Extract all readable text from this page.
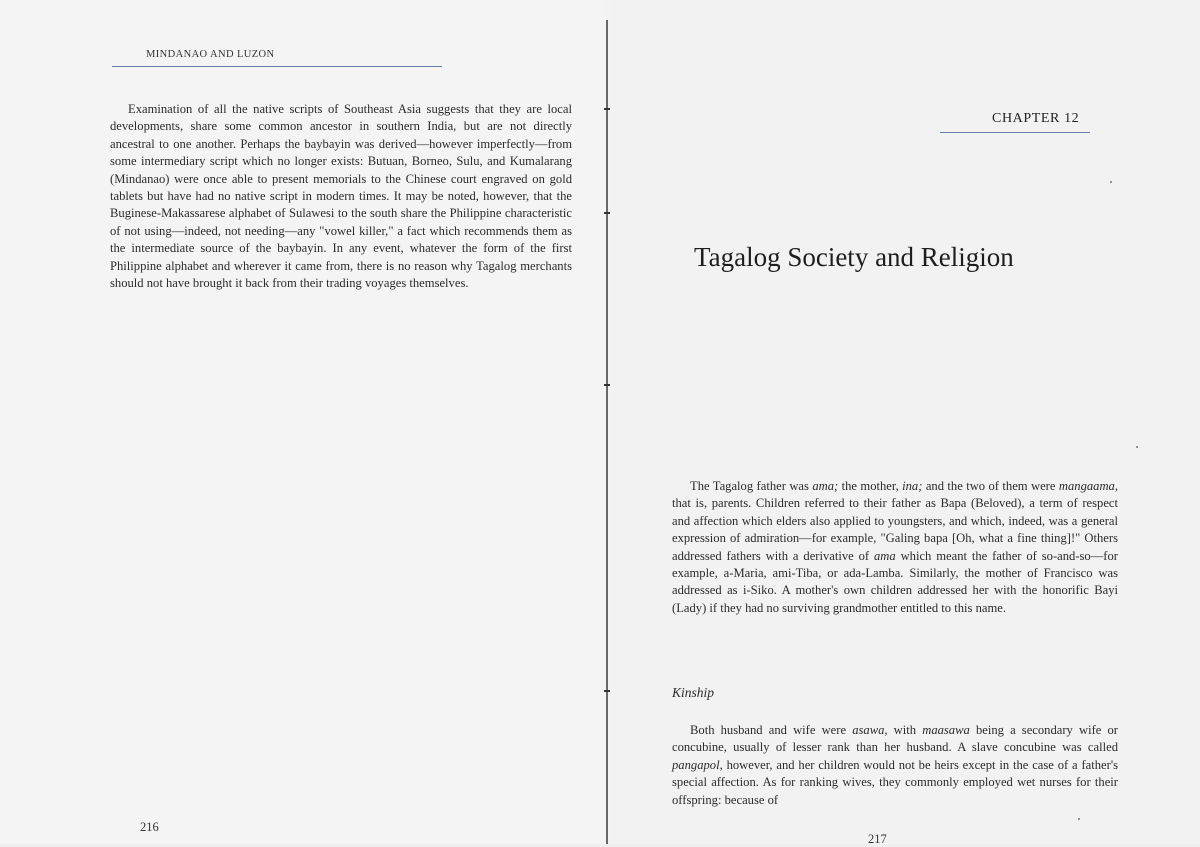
MINDANAO AND LUZON

Examination of all the native scripts of Southeast Asia suggests that they are local developments, share some common ancestor in southern India, but are not directly ancestral to one another. Perhaps the baybayin was derived—however imperfectly—from some intermediary script which no longer exists: Butuan, Borneo, Sulu, and Kumalarang (Mindanao) were once able to present memorials to the Chinese court engraved on gold tablets but have had no native script in modern times. It may be noted, however, that the Buginese-Makassarese alphabet of Sulawesi to the south share the Philippine characteristic of not using—indeed, not needing—any "vowel killer," a fact which recommends them as the intermediate source of the baybayin. In any event, whatever the form of the first Philippine alphabet and wherever it came from, there is no reason why Tagalog merchants should not have brought it back from their trading voyages themselves.

216
CHAPTER 12
Tagalog Society and Religion

The Tagalog father was ama; the mother, ina; and the two of them were mangaama, that is, parents. Children referred to their father as Bapa (Beloved), a term of respect and affection which elders also applied to youngsters, and which, indeed, was a general expression of admiration—for example, "Galing bapa [Oh, what a fine thing]!" Others addressed fathers with a derivative of ama which meant the father of so-and-so—for example, a-Maria, ami-Tiba, or ada-Lamba. Similarly, the mother of Francisco was addressed as i-Siko. A mother's own children addressed her with the honorific Bayi (Lady) if they had no surviving grandmother entitled to this name.

Kinship

Both husband and wife were asawa, with maasawa being a secondary wife or concubine, usually of lesser rank than her husband. A slave concubine was called pangapol, however, and her children would not be heirs except in the case of a father's special affection. As for ranking wives, they commonly employed wet nurses for their offspring: because of

217
